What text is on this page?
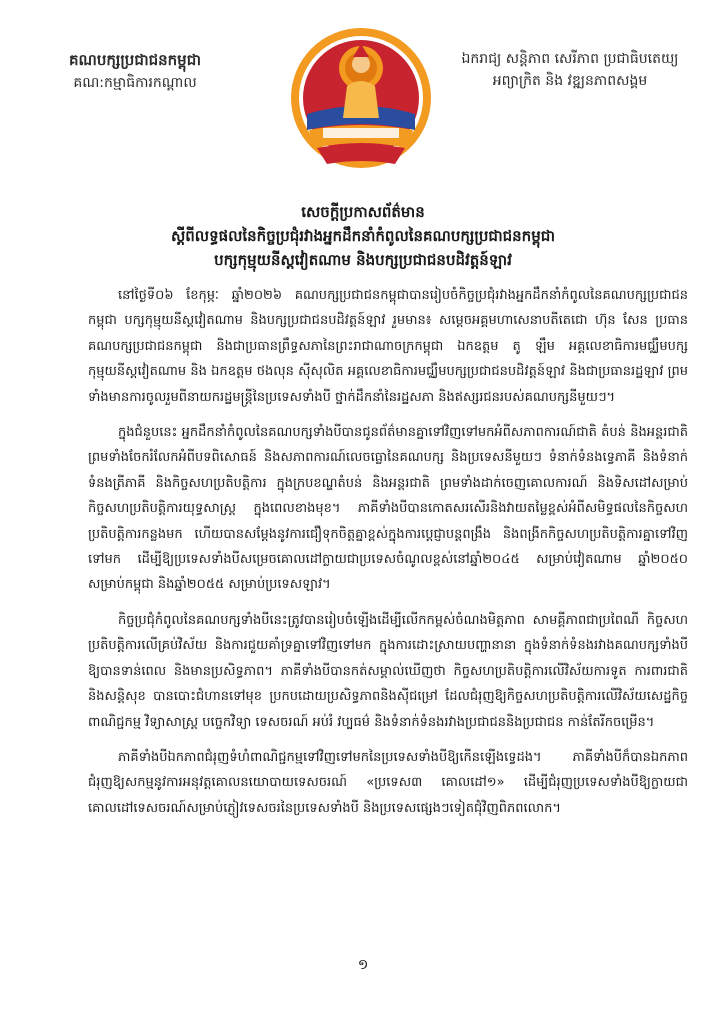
គណបក្សប្រជាជនកម្ពុជា
គណ:កម្មាធិការកណ្តាល
ឯករាជ្យ សន្តិភាព សេរីភាព ប្រជាធិបតេយ្យ
អព្យាក្រិត និង វឌ្ឍនភាពសង្គម
សេចក្តីប្រកាសព័ត៌មាន
ស្តីពីលទ្ធផលនៃកិច្ចប្រជុំរវាងអ្នកដឹកនាំកំពូលនៃគណបក្សប្រជាជនកម្ពុជា
បក្សកុម្មុយនីស្តវៀតណាម និងបក្សប្រជាជនបដិវត្តន៍ឡាវ

នៅថ្ងៃទី០៦ ខែកុម្ភៈ ឆ្នាំ២០២៦ គណបក្សប្រជាជនកម្ពុជាបានរៀបចំកិច្ចប្រជុំរវាងអ្នកដឹកនាំកំពូលនៃគណបក្សប្រជាជនកម្ពុជា បក្សកុម្មុយនីស្តវៀតណាម និងបក្សប្រជាជនបដិវត្តន៍ឡាវ រួមមាន៖ សម្តេចអគ្គមហាសេនាបតីតេជោ ហ៊ុន សែន ប្រធានគណបក្សប្រជាជនកម្ពុជា និងជាប្រធានព្រឹទ្ធសភានៃព្រះរាជាណាចក្រកម្ពុជា ឯកឧត្តម តូ ឡឹម អគ្គលេខាធិការមជ្ឈឹមបក្សកុម្មុយនីស្តវៀតណាម និង ឯកឧត្តម ថងលុន ស៊ីសុលិត អគ្គលេខាធិការមជ្ឈឹមបក្សប្រជាជនបដិវត្តន៍ឡាវ និងជាប្រធានរដ្ឋឡាវ ព្រមទាំងមានការចូលរួមពីនាយករដ្ឋមន្ត្រីនៃប្រទេសទាំងបី ថ្នាក់ដឹកនាំនៃរដ្ឋសភា និងឥស្សរជនរបស់គណបក្សនីមួយៗ។

ក្នុងជំនួបនេះ អ្នកដឹកនាំកំពូលនៃគណបក្សទាំងបីបានជូនព័ត៌មានគ្នាទៅវិញទៅមកអំពីសភាពការណ៍ជាតិ តំបន់ និងអន្តរជាតិ ព្រមទាំងចែករំលែកអំពីបទពិសោធន៍ និងសភាពការណ៍លេចធ្លោនៃគណបក្ស និងប្រទេសនីមួយៗ ទំនាក់ទំនងទ្វេភាគី និងទំនាក់ទំនងត្រីភាគី និងកិច្ចសហប្រតិបត្តិការ ក្នុងក្របខណ្ឌតំបន់ និងអន្តរជាតិ ព្រមទាំងដាក់ចេញគោលការណ៍ និងទិសដៅសម្រាប់កិច្ចសហប្រតិបត្តិការយុទ្ធសាស្ត្រ ក្នុងពេលខាងមុខ។ ភាគីទាំងបីបានកោតសរសើរនិងវាយតម្លៃខ្ពស់អំពីសមិទ្ធផលនៃកិច្ចសហប្រតិបត្តិការកន្លងមក ហើយបានសម្តែងនូវការជឿទុកចិត្តគ្នាខ្ពស់ក្នុងការប្តេជ្ញាបន្តពង្រឹង និងពង្រីកកិច្ចសហប្រតិបត្តិការគ្នាទៅវិញទៅមក ដើម្បីឱ្យប្រទេសទាំងបីសម្រេចគោលដៅក្លាយជាប្រទេសចំណូលខ្ពស់នៅឆ្នាំ២០៤៥ សម្រាប់វៀតណាម ឆ្នាំ២០៥០ សម្រាប់កម្ពុជា និងឆ្នាំ២០៥៥ សម្រាប់ប្រទេសឡាវ។

កិច្ចប្រជុំកំពូលនៃគណបក្សទាំងបីនេះត្រូវបានរៀបចំឡើងដើម្បីលើកកម្ពស់ចំណងមិត្តភាព សាមគ្គីភាពជាប្រពៃណី កិច្ចសហប្រតិបត្តិការលើគ្រប់វិស័យ និងការជួយគាំទ្រគ្នាទៅវិញទៅមក ក្នុងការដោះស្រាយបញ្ហានានា ក្នុងទំនាក់ទំនងរវាងគណបក្សទាំងបី ឱ្យបានទាន់ពេល និងមានប្រសិទ្ធភាព។ ភាគីទាំងបីបានកត់សម្គាល់ឃើញថា កិច្ចសហប្រតិបត្តិការលើវិស័យការទូត ការពារជាតិ និងសន្តិសុខ បានបោះជំហានទៅមុខ ប្រកបដោយប្រសិទ្ធភាពនិងស៊ីជម្រៅ ដែលជំរុញឱ្យកិច្ចសហប្រតិបត្តិការលើវិស័យសេដ្ឋកិច្ច ពាណិជ្ជកម្ម វិទ្យាសាស្ត្រ បច្ចេកវិទ្យា ទេសចរណ៍ អប់រំ វប្បធម៌ និងទំនាក់ទំនងរវាងប្រជាជននិងប្រជាជន កាន់តែរីកចម្រើន។

ភាគីទាំងបីឯកភាពជំរុញទំហំពាណិជ្ជកម្មទៅវិញទៅមកនៃប្រទេសទាំងបីឱ្យកើនឡើងទ្វេដង។ ភាគីទាំងបីក៏បានឯកភាពជំរុញឱ្យសកម្មនូវការអនុវត្តគោលនយោបាយទេសចរណ៍ «ប្រទេស៣ គោលដៅ១» ដើម្បីជំរុញប្រទេសទាំងបីឱ្យក្លាយជាគោលដៅទេសចរណ៍សម្រាប់ភ្ញៀវទេសចរនៃប្រទេសទាំងបី និងប្រទេសផ្សេងៗទៀតជុំវិញពិភពលោក។

១
